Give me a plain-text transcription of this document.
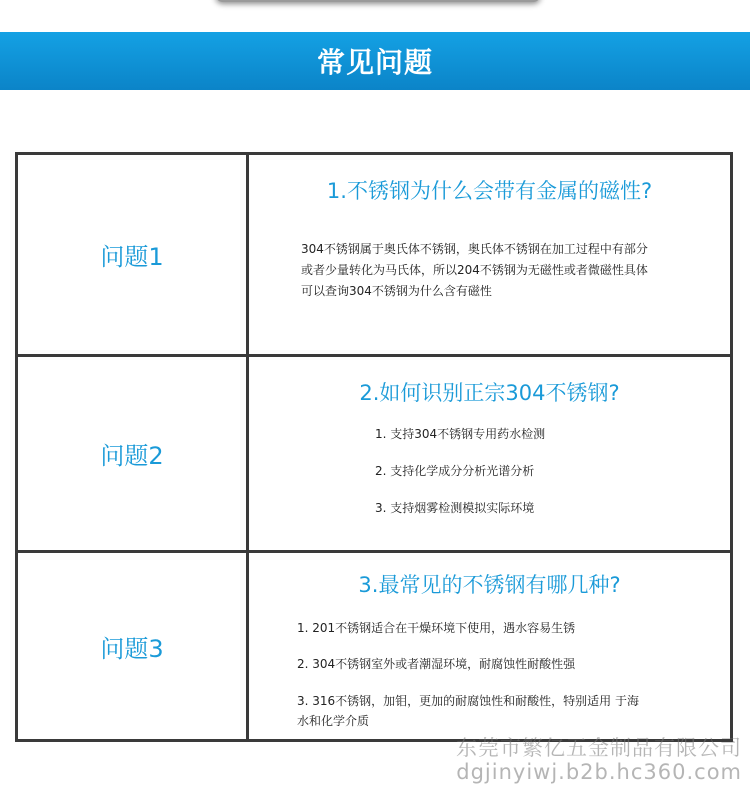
常见问题
问题1
1.不锈钢为什么会带有金属的磁性?
304不锈钢属于奥氏体不锈钢，奥氏体不锈钢在加工过程中有部分
或者少量转化为马氏体，所以204不锈钢为无磁性或者微磁性具体
可以查询304不锈钢为什么含有磁性
问题2
2.如何识别正宗304不锈钢?
1. 支持304不锈钢专用药水检测
2. 支持化学成分分析光谱分析
3. 支持烟雾检测模拟实际环境
问题3
3.最常见的不锈钢有哪几种?
1. 201不锈钢适合在干燥环境下使用，遇水容易生锈
2. 304不锈钢室外或者潮湿环境，耐腐蚀性耐酸性强
3. 316不锈钢，加钼，更加的耐腐蚀性和耐酸性，特别适用 于海
水和化学介质
东莞市繁亿五金制品有限公司
dgjinyiwj.b2b.hc360.com
